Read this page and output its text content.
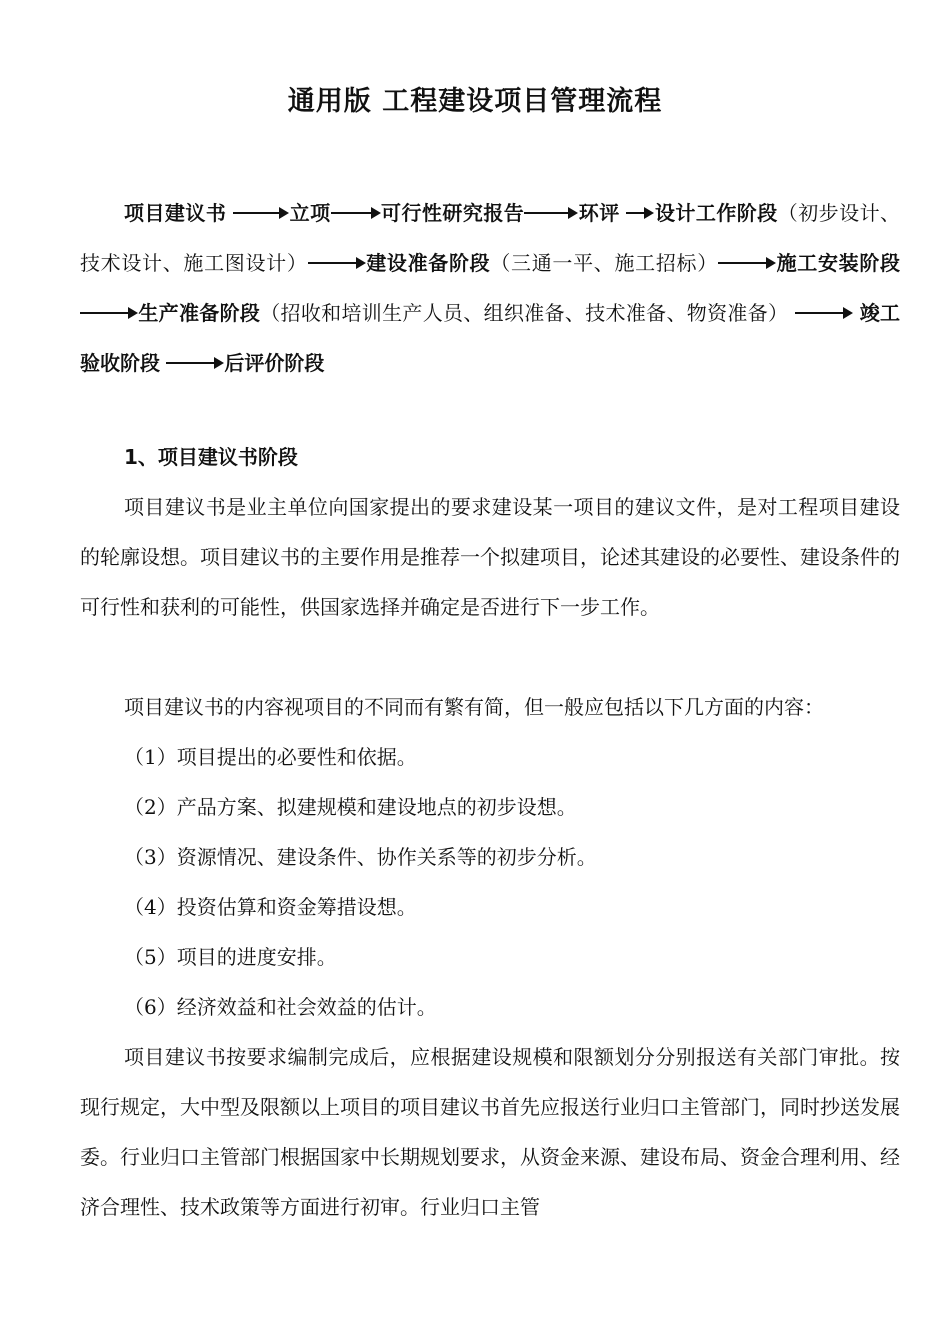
通用版 工程建设项目管理流程

项目建议书	立项	可行性研究报告	环评 设计工作阶段（初步设计、技术设计、施工图设计）	建设准备阶段（三通一平、施工招标）	施工安装阶段
生产准备阶段（招收和培训生产人员、组织准备、技术准备、物资准备）	竣工验收阶段	后评价阶段

1、项目建议书阶段

项目建议书是业主单位向国家提出的要求建设某一项目的建议文件，是对工程项目建设的轮廓设想。项目建议书的主要作用是推荐一个拟建项目，论述其建设的必要性、建设条件的可行性和获利的可能性，供国家选择并确定是否进行下一步工作。

项目建议书的内容视项目的不同而有繁有简，但一般应包括以下几方面的内容：

（1）项目提出的必要性和依据。
（2）产品方案、拟建规模和建设地点的初步设想。
（3）资源情况、建设条件、协作关系等的初步分析。
（4）投资估算和资金筹措设想。
（5）项目的进度安排。
（6）经济效益和社会效益的估计。

项目建议书按要求编制完成后，应根据建设规模和限额划分分别报送有关部门审批。按现行规定，大中型及限额以上项目的项目建议书首先应报送行业归口主管部门，同时抄送发展委。行业归口主管部门根据国家中长期规划要求，从资金来源、建设布局、资金合理利用、经济合理性、技术政策等方面进行初审。行业归口主管
